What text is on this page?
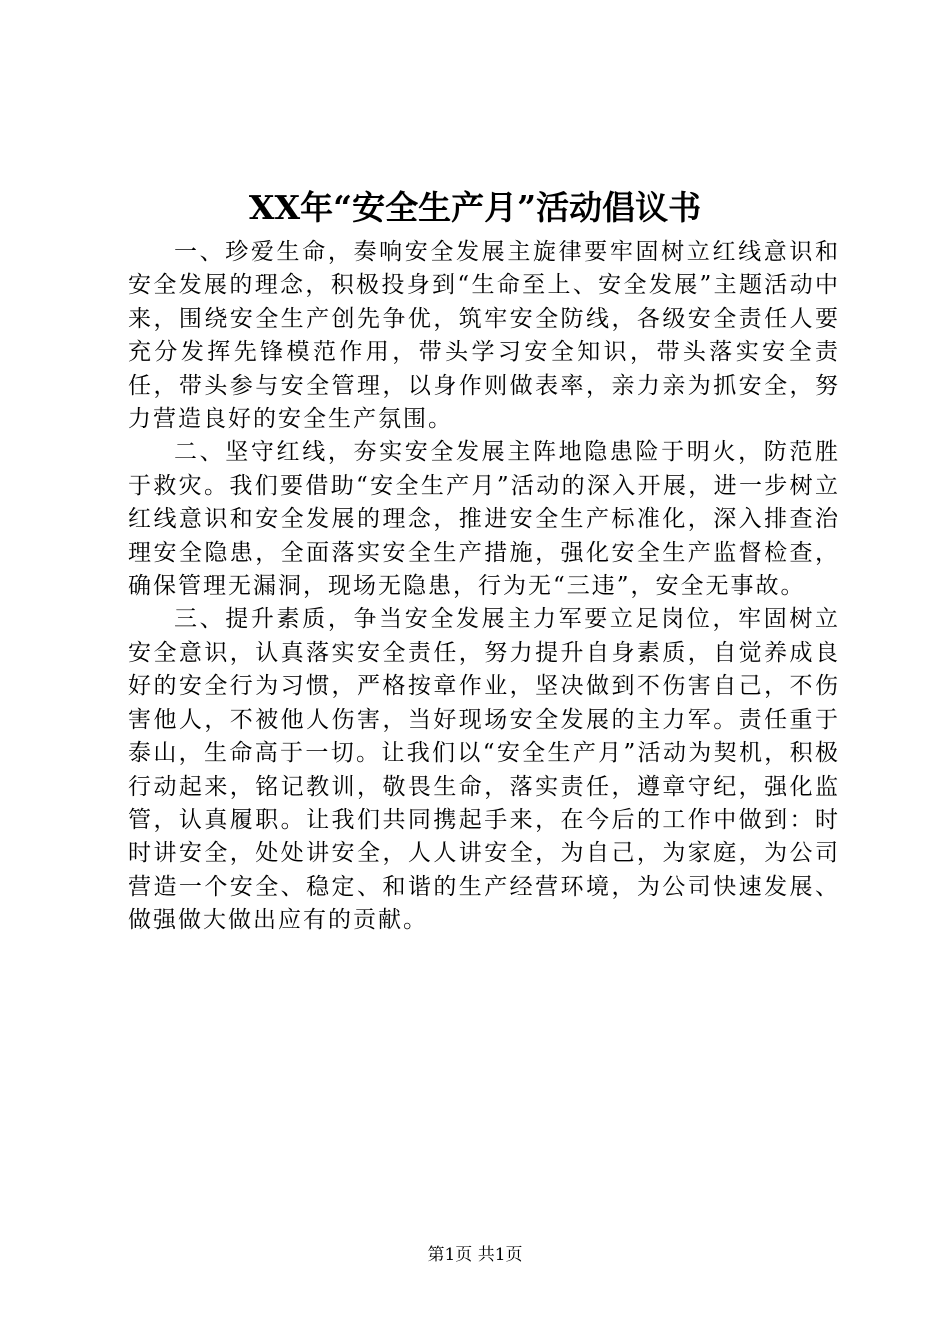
XX年“安全生产月”活动倡议书

一、珍爱生命，奏响安全发展主旋律要牢固树立红线意识和安全发展的理念，积极投身到“生命至上、安全发展”主题活动中来，围绕安全生产创先争优，筑牢安全防线，各级安全责任人要充分发挥先锋模范作用，带头学习安全知识，带头落实安全责任，带头参与安全管理，以身作则做表率，亲力亲为抓安全，努力营造良好的安全生产氛围。

二、坚守红线，夯实安全发展主阵地隐患险于明火，防范胜于救灾。我们要借助“安全生产月”活动的深入开展，进一步树立红线意识和安全发展的理念，推进安全生产标准化，深入排查治理安全隐患，全面落实安全生产措施，强化安全生产监督检查，确保管理无漏洞，现场无隐患，行为无“三违”，安全无事故。

三、提升素质，争当安全发展主力军要立足岗位，牢固树立安全意识，认真落实安全责任，努力提升自身素质，自觉养成良好的安全行为习惯，严格按章作业，坚决做到不伤害自己，不伤害他人，不被他人伤害，当好现场安全发展的主力军。责任重于泰山，生命高于一切。让我们以“安全生产月”活动为契机，积极行动起来，铭记教训，敬畏生命，落实责任，遵章守纪，强化监管，认真履职。让我们共同携起手来，在今后的工作中做到：时时讲安全，处处讲安全，人人讲安全，为自己，为家庭，为公司营造一个安全、稳定、和谐的生产经营环境，为公司快速发展、做强做大做出应有的贡献。

第1页 共1页
